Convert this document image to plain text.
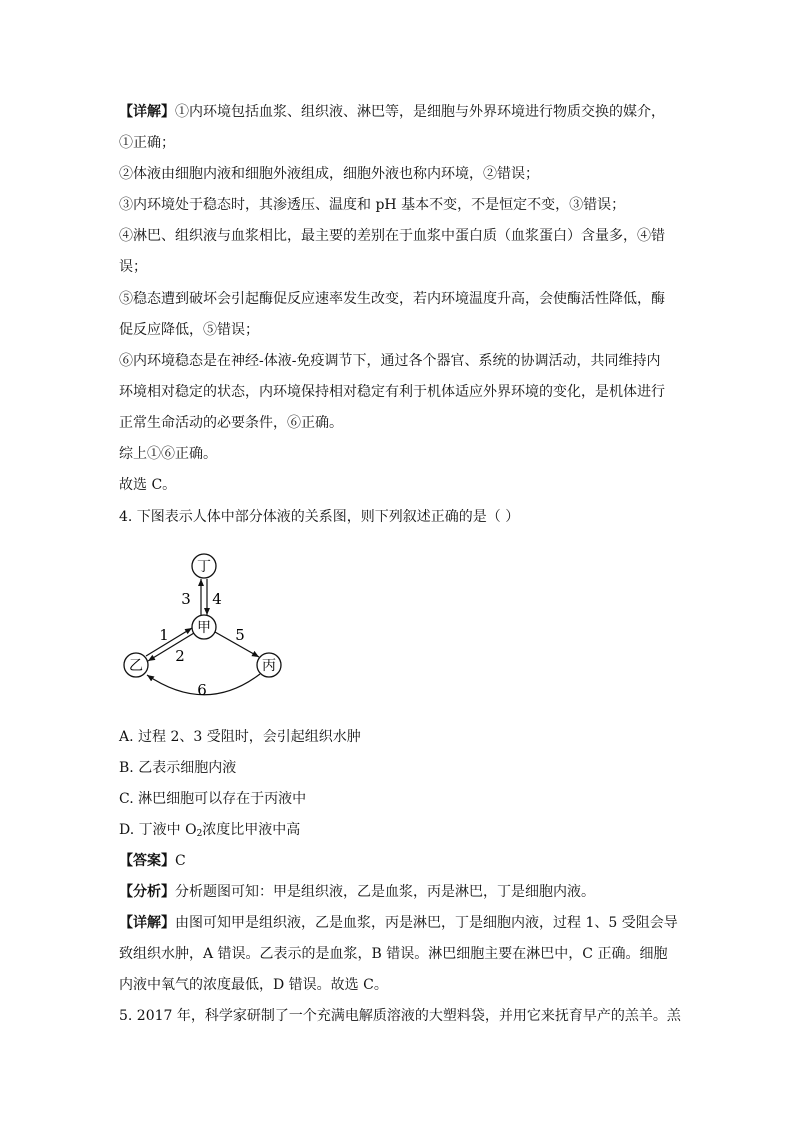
【详解】①内环境包括血浆、组织液、淋巴等，是细胞与外界环境进行物质交换的媒介，
①正确；
②体液由细胞内液和细胞外液组成，细胞外液也称内环境，②错误；
③内环境处于稳态时，其渗透压、温度和 pH 基本不变，不是恒定不变，③错误；
④淋巴、组织液与血浆相比，最主要的差别在于血浆中蛋白质（血浆蛋白）含量多，④错
误；
⑤稳态遭到破坏会引起酶促反应速率发生改变，若内环境温度升高，会使酶活性降低，酶
促反应降低，⑤错误；
⑥内环境稳态是在神经-体液-免疫调节下，通过各个器官、系统的协调活动，共同维持内
环境相对稳定的状态，内环境保持相对稳定有利于机体适应外界环境的变化，是机体进行
正常生命活动的必要条件，⑥正确。
综上①⑥正确。
故选 C。
4. 下图表示人体中部分体液的关系图，则下列叙述正确的是（ ）
丁
甲
乙	丙
3 4
1
2
5
6
A. 过程 2、3 受阻时，会引起组织水肿
B. 乙表示细胞内液
C. 淋巴细胞可以存在于丙液中
D. 丁液中 $O_2$浓度比甲液中高
【答案】C
【分析】分析题图可知：甲是组织液，乙是血浆，丙是淋巴，丁是细胞内液。
【详解】由图可知甲是组织液，乙是血浆，丙是淋巴，丁是细胞内液，过程 1、5 受阻会导
致组织水肿，A 错误。乙表示的是血浆，B 错误。淋巴细胞主要在淋巴中，C 正确。细胞
内液中氧气的浓度最低，D 错误。故选 C。
5. 2017 年，科学家研制了一个充满电解质溶液的大塑料袋，并用它来抚育早产的羔羊。羔
